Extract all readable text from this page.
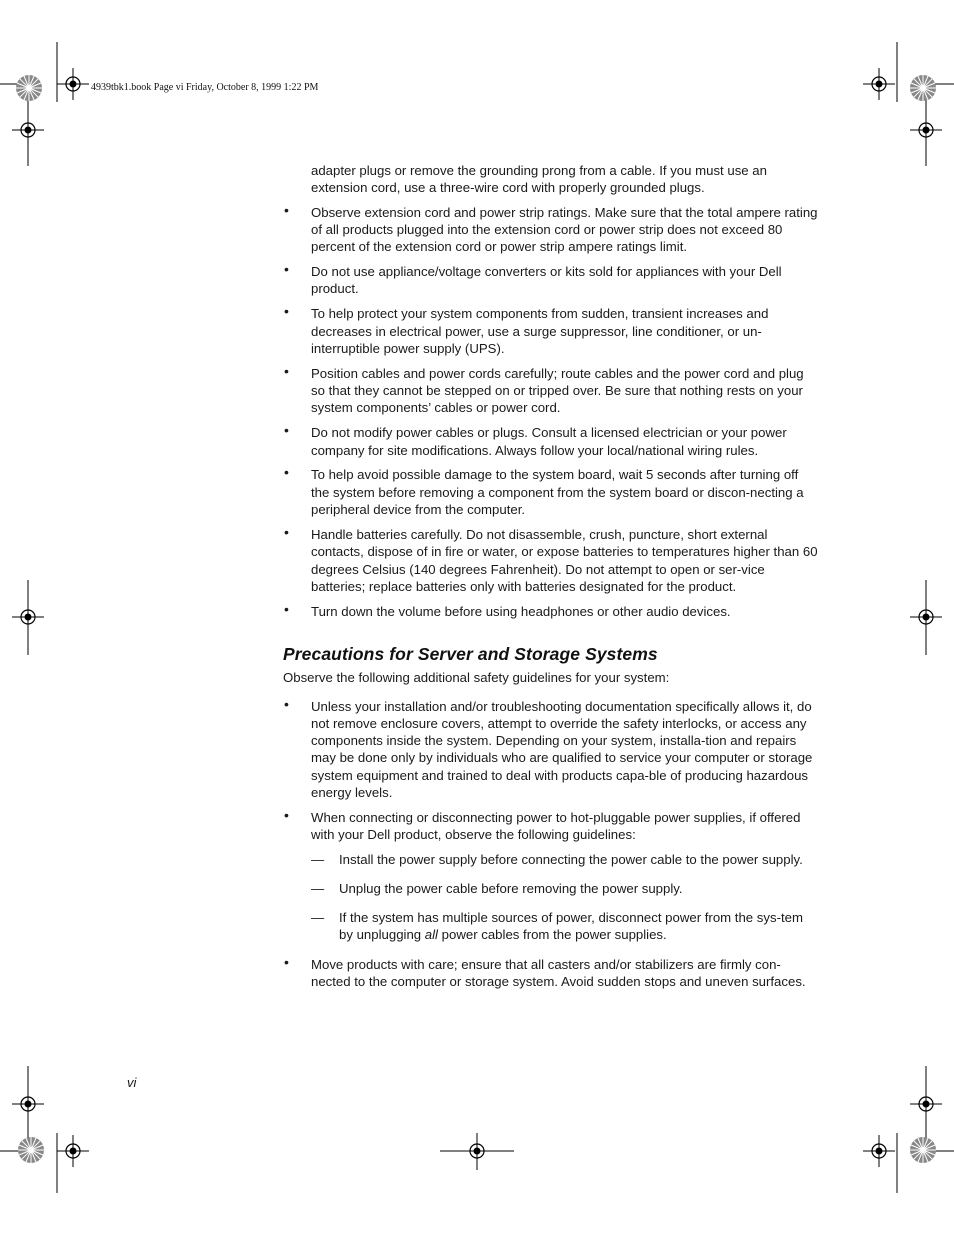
4939tbk1.book Page vi Friday, October 8, 1999 1:22 PM

adapter plugs or remove the grounding prong from a cable. If you must use an extension cord, use a three-wire cord with properly grounded plugs.

• Observe extension cord and power strip ratings. Make sure that the total ampere rating of all products plugged into the extension cord or power strip does not exceed 80 percent of the extension cord or power strip ampere ratings limit.
• Do not use appliance/voltage converters or kits sold for appliances with your Dell product.
• To help protect your system components from sudden, transient increases and decreases in electrical power, use a surge suppressor, line conditioner, or un-interruptible power supply (UPS).
• Position cables and power cords carefully; route cables and the power cord and plug so that they cannot be stepped on or tripped over. Be sure that nothing rests on your system components’ cables or power cord.
• Do not modify power cables or plugs. Consult a licensed electrician or your power company for site modifications. Always follow your local/national wiring rules.
• To help avoid possible damage to the system board, wait 5 seconds after turning off the system before removing a component from the system board or discon-necting a peripheral device from the computer.
• Handle batteries carefully. Do not disassemble, crush, puncture, short external contacts, dispose of in fire or water, or expose batteries to temperatures higher than 60 degrees Celsius (140 degrees Fahrenheit). Do not attempt to open or ser-vice batteries; replace batteries only with batteries designated for the product.
• Turn down the volume before using headphones or other audio devices.
Precautions for Server and Storage Systems

Observe the following additional safety guidelines for your system:

• Unless your installation and/or troubleshooting documentation specifically allows it, do not remove enclosure covers, attempt to override the safety interlocks, or access any components inside the system. Depending on your system, installa-tion and repairs may be done only by individuals who are qualified to service your computer or storage system equipment and trained to deal with products capa-ble of producing hazardous energy levels.
• When connecting or disconnecting power to hot-pluggable power supplies, if offered with your Dell product, observe the following guidelines:
— Install the power supply before connecting the power cable to the power supply.
— Unplug the power cable before removing the power supply.
— If the system has multiple sources of power, disconnect power from the sys-tem by unplugging all power cables from the power supplies.
• Move products with care; ensure that all casters and/or stabilizers are firmly con-nected to the computer or storage system. Avoid sudden stops and uneven surfaces.
vi
